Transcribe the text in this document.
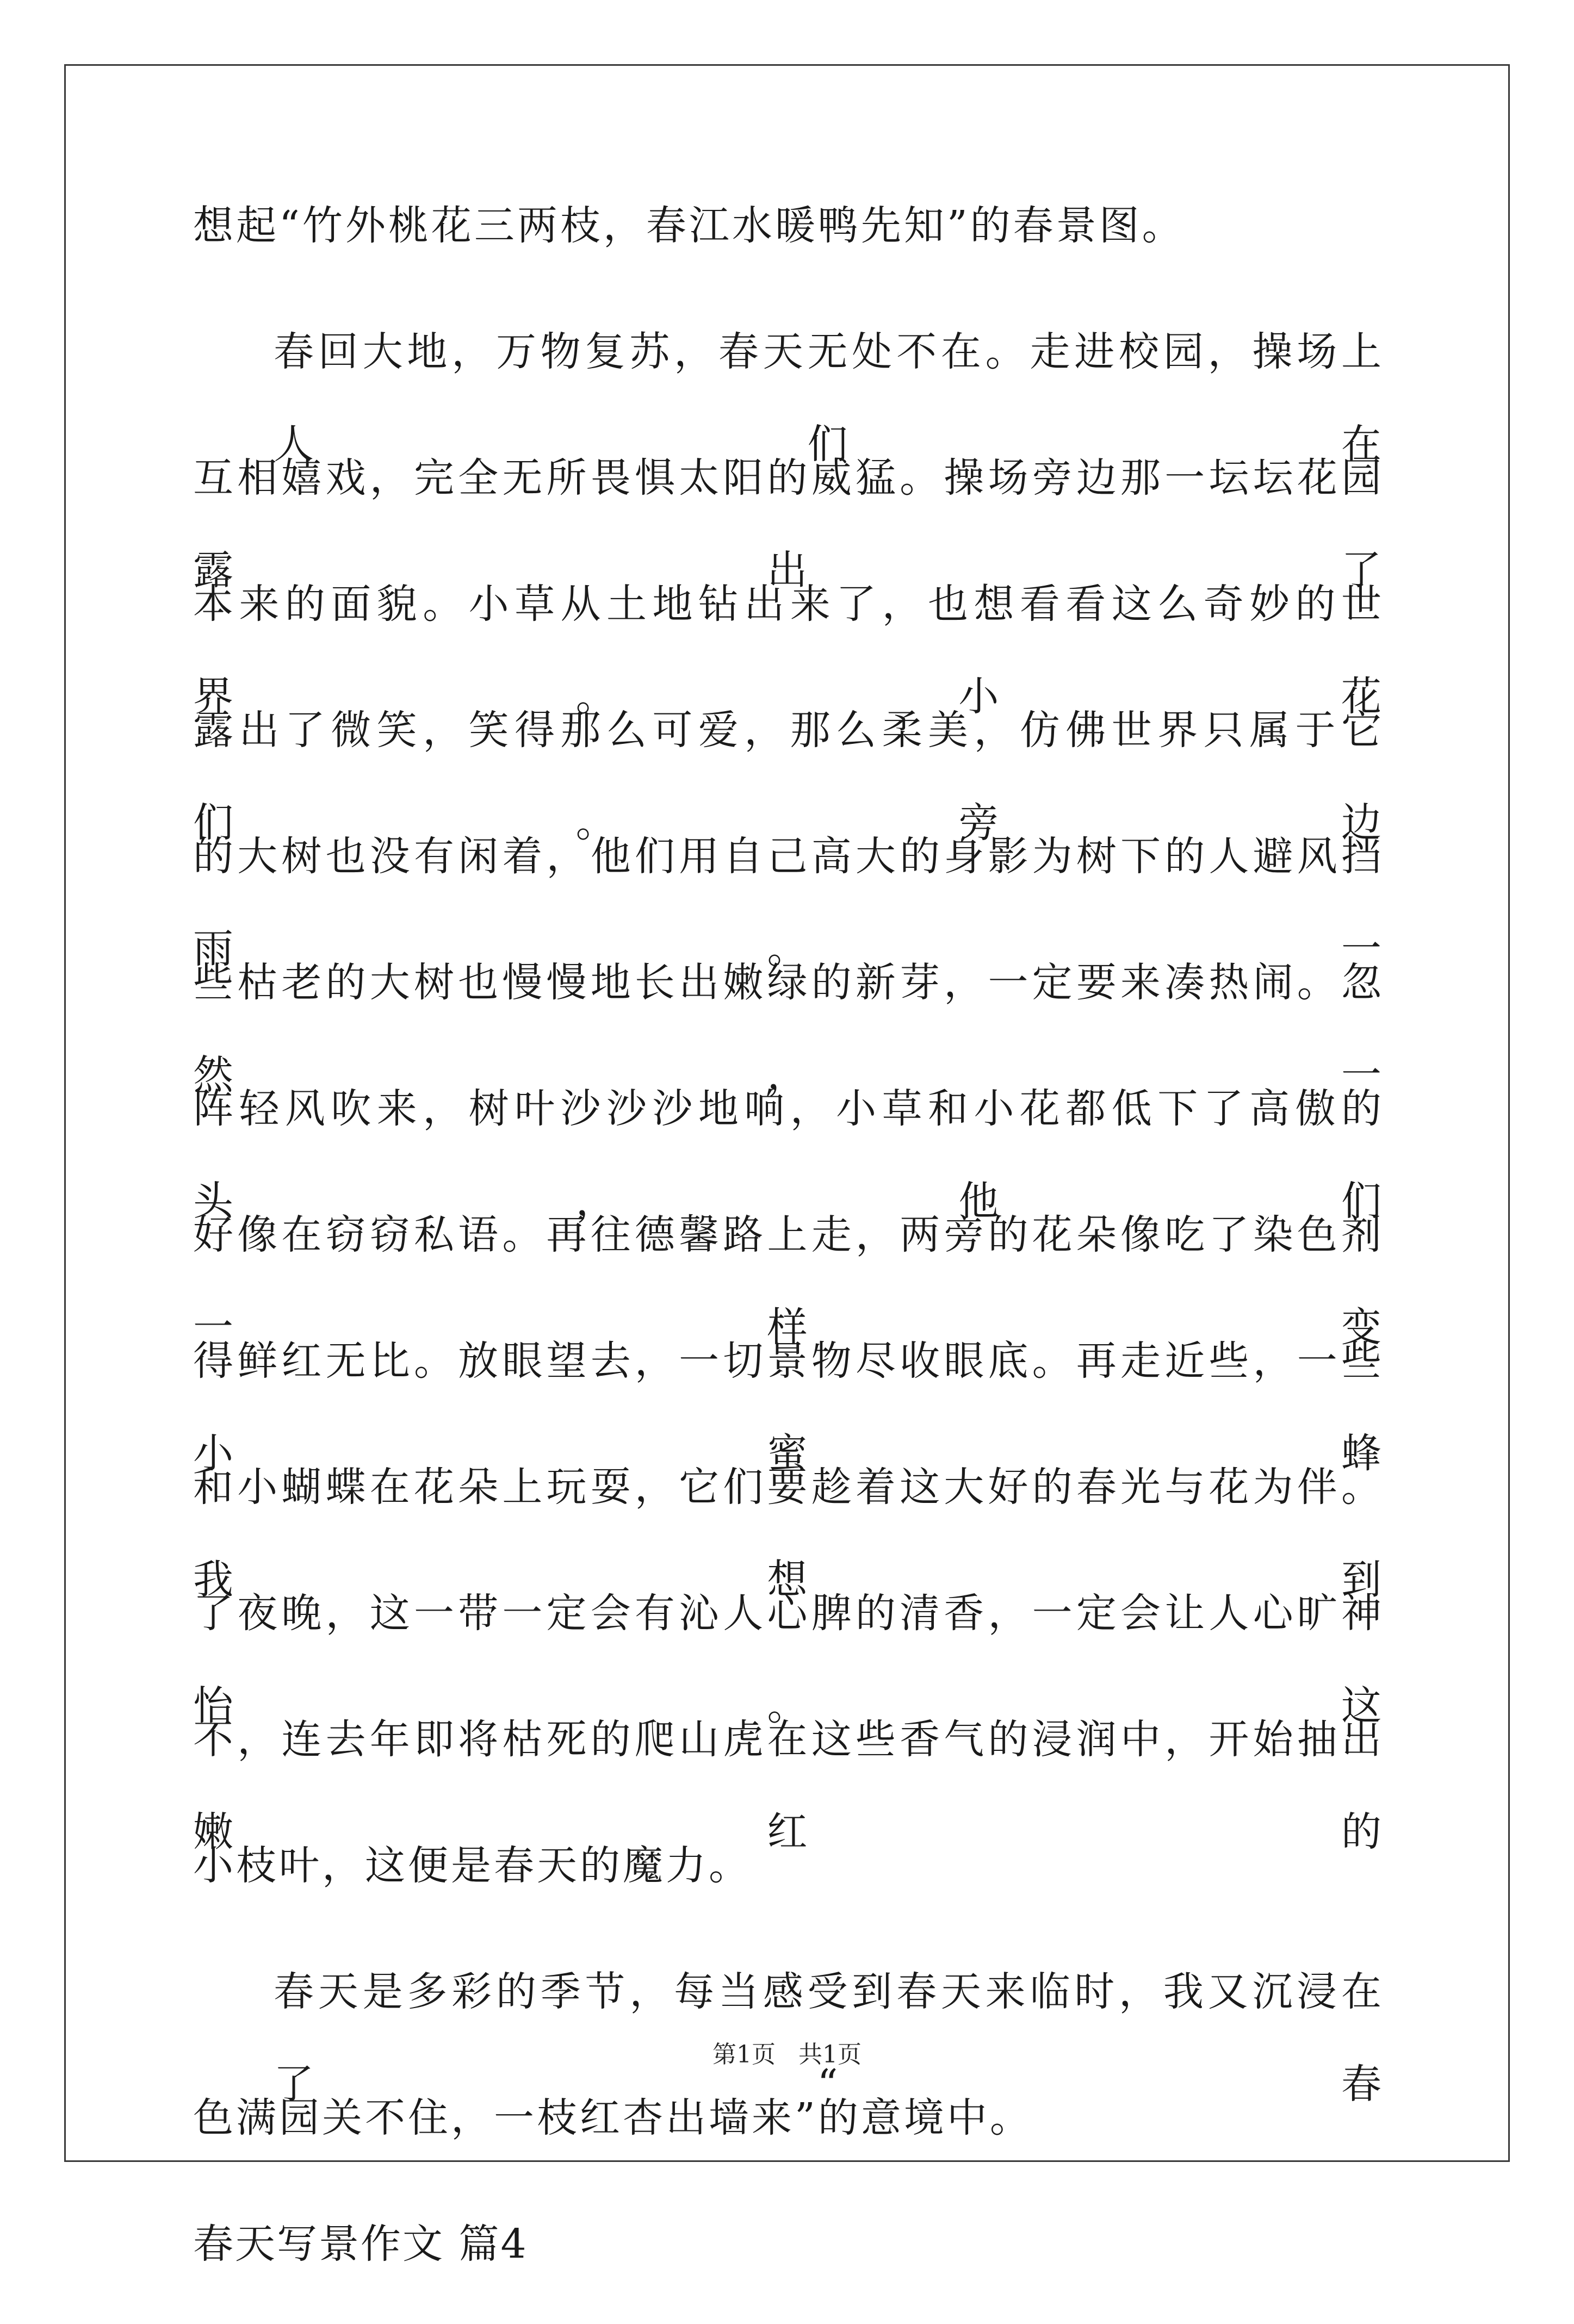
想起“竹外桃花三两枝，春江水暖鸭先知”的春景图。
春回大地，万物复苏，春天无处不在。走进校园，操场上人们在
互相嬉戏，完全无所畏惧太阳的威猛。操场旁边那一坛坛花园露出了
本来的面貌。小草从土地钻出来了，也想看看这么奇妙的世界。小花
露出了微笑，笑得那么可爱，那么柔美，仿佛世界只属于它们。旁边
的大树也没有闲着，他们用自己高大的身影为树下的人避风挡雨。一
些枯老的大树也慢慢地长出嫩绿的新芽，一定要来凑热闹。忽然，一
阵轻风吹来，树叶沙沙沙地响，小草和小花都低下了高傲的头，他们
好像在窃窃私语。再往德馨路上走，两旁的花朵像吃了染色剂一样变
得鲜红无比。放眼望去，一切景物尽收眼底。再走近些，一些小蜜蜂
和小蝴蝶在花朵上玩耍，它们要趁着这大好的春光与花为伴。我想到
了夜晚，这一带一定会有沁人心脾的清香，一定会让人心旷神怡。这
不，连去年即将枯死的爬山虎在这些香气的浸润中，开始抽出嫩红的
小枝叶，这便是春天的魔力。
春天是多彩的季节，每当感受到春天来临时，我又沉浸在了“春
色满园关不住，一枝红杏出墙来”的意境中。
春天写景作文 篇4
第1页 共1页
